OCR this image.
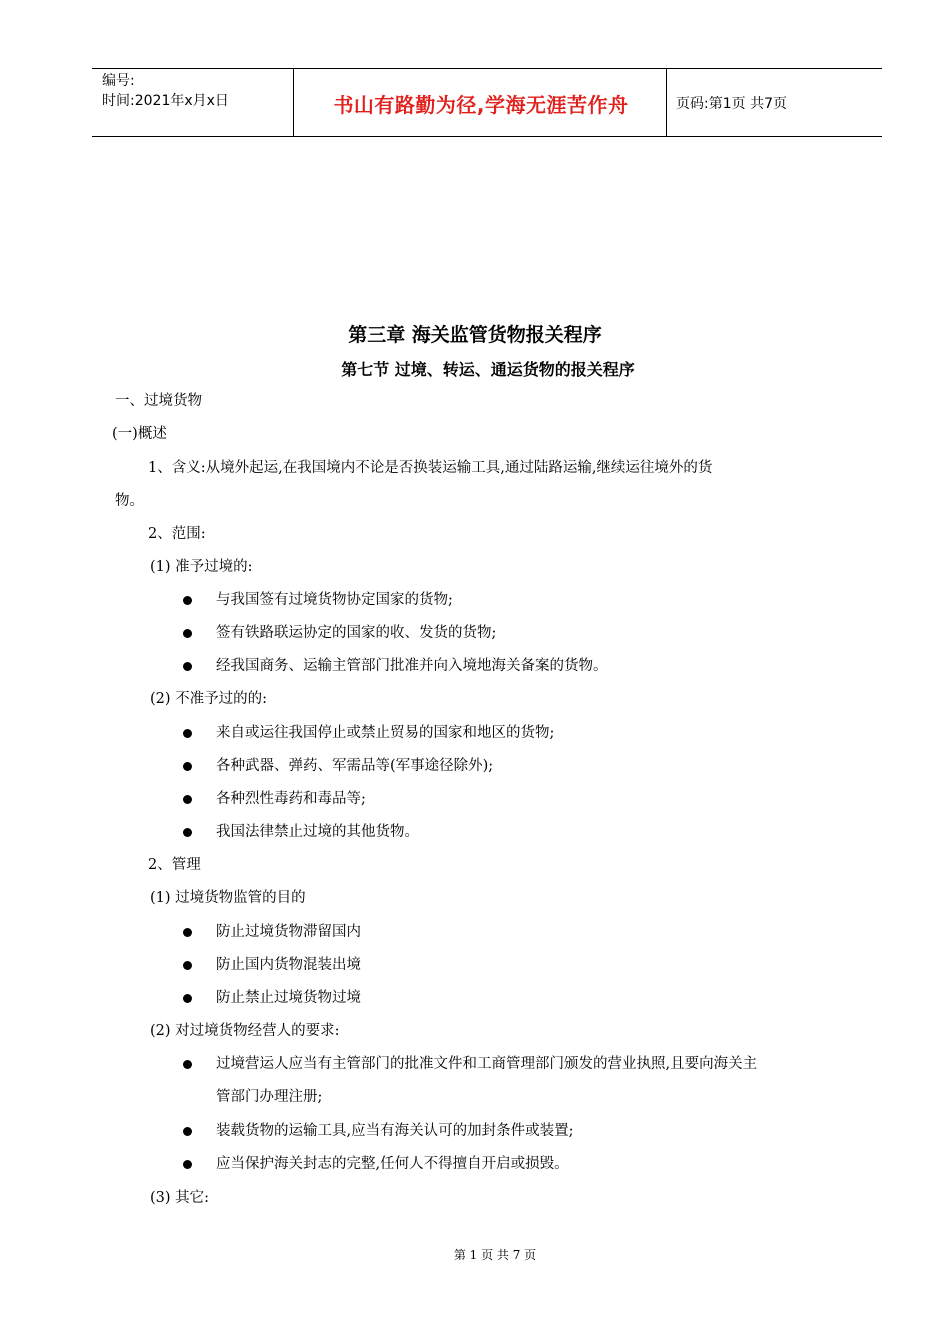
编号:
时间:2021年x月x日	书山有路勤为径,学海无涯苦作舟	页码:第1页 共7页
第三章 海关监管货物报关程序
第七节 过境、转运、通运货物的报关程序
一、过境货物
(一)概述
1、含义:从境外起运,在我国境内不论是否换装运输工具,通过陆路运输,继续运往境外的货
物。
2、范围:
(1) 准予过境的:
与我国签有过境货物协定国家的货物;
签有铁路联运协定的国家的收、发货的货物;
经我国商务、运输主管部门批准并向入境地海关备案的货物。
(2) 不准予过的的:
来自或运往我国停止或禁止贸易的国家和地区的货物;
各种武器、弹药、军需品等(军事途径除外);
各种烈性毒药和毒品等;
我国法律禁止过境的其他货物。
2、管理
(1) 过境货物监管的目的
防止过境货物滞留国内
防止国内货物混装出境
防止禁止过境货物过境
(2) 对过境货物经营人的要求:
过境营运人应当有主管部门的批准文件和工商管理部门颁发的营业执照,且要向海关主
管部门办理注册;
装载货物的运输工具,应当有海关认可的加封条件或装置;
应当保护海关封志的完整,任何人不得擅自开启或损毁。
(3) 其它:
第 1 页 共 7 页
